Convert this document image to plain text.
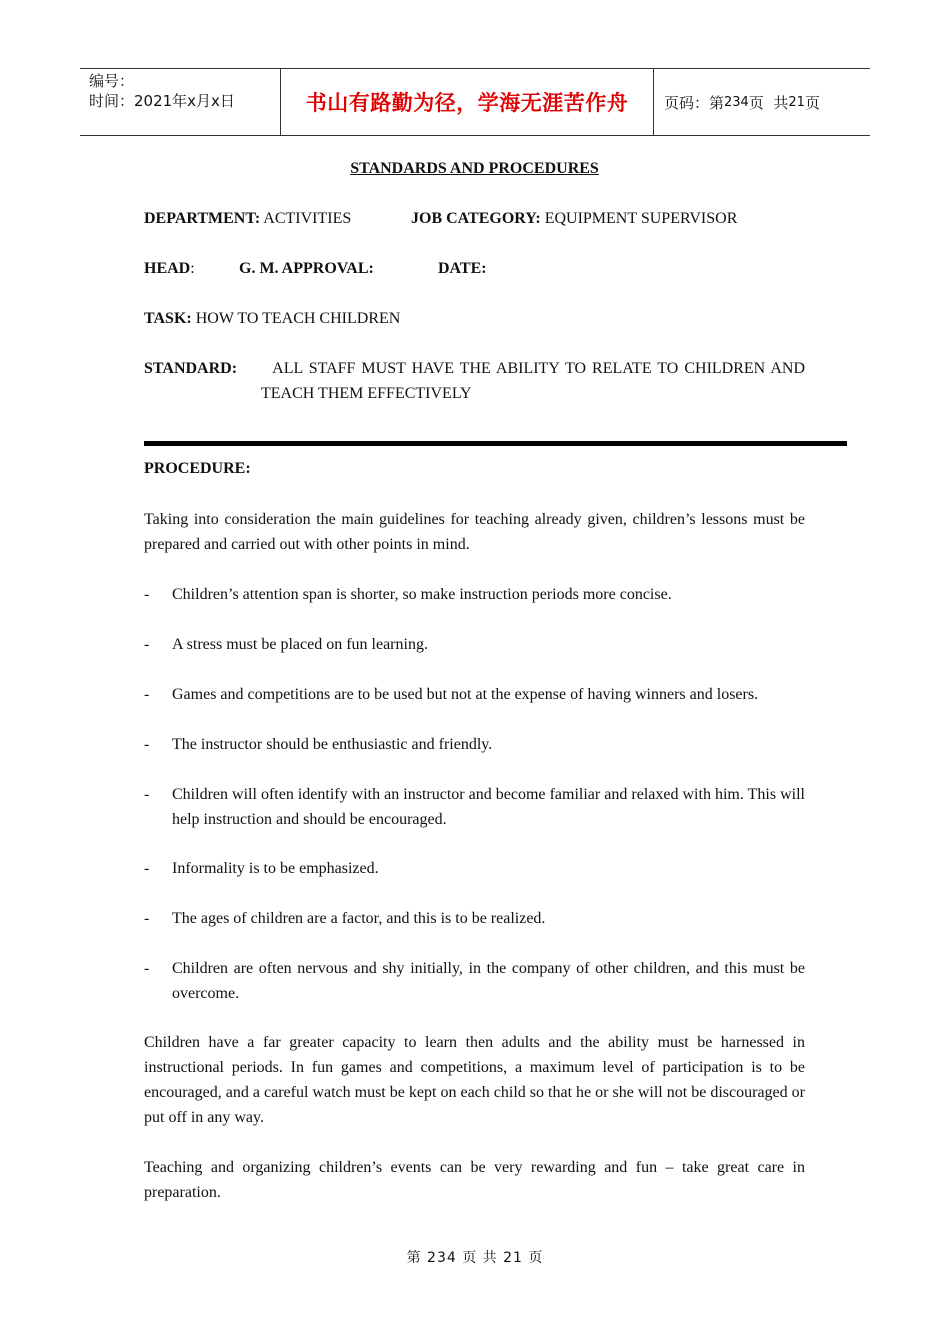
编号：
时间：2021年x月x日	书山有路勤为径，学海无涯苦作舟 页码：第 234 页  共 21 页
STANDARDS AND PROCEDURES
DEPARTMENT: ACTIVITIES	JOB CATEGORY: EQUIPMENT SUPERVISOR
HEAD:	G. M. APPROVAL:	DATE:
TASK: HOW TO TEACH CHILDREN
STANDARD: ALL STAFF MUST HAVE THE ABILITY TO RELATE TO CHILDREN AND
TEACH THEM EFFECTIVELY
PROCEDURE:
Taking into consideration the main guidelines for teaching already given, children’s lessons must be prepared and carried out with other points in mind.
- Children’s attention span is shorter, so make instruction periods more concise.
- A stress must be placed on fun learning.
- Games and competitions are to be used but not at the expense of having winners and losers.
- The instructor should be enthusiastic and friendly.
- Children will often identify with an instructor and become familiar and relaxed with him. This will help instruction and should be encouraged.
- Informality is to be emphasized.
- The ages of children are a factor, and this is to be realized.
- Children are often nervous and shy initially, in the company of other children, and this must be overcome.
Children have a far greater capacity to learn then adults and the ability must be harnessed in instructional periods. In fun games and competitions, a maximum level of participation is to be encouraged, and a careful watch must be kept on each child so that he or she will not be discouraged or put off in any way.
Teaching and organizing children’s events can be very rewarding and fun – take great care in preparation.
第 234 页 共 21 页
